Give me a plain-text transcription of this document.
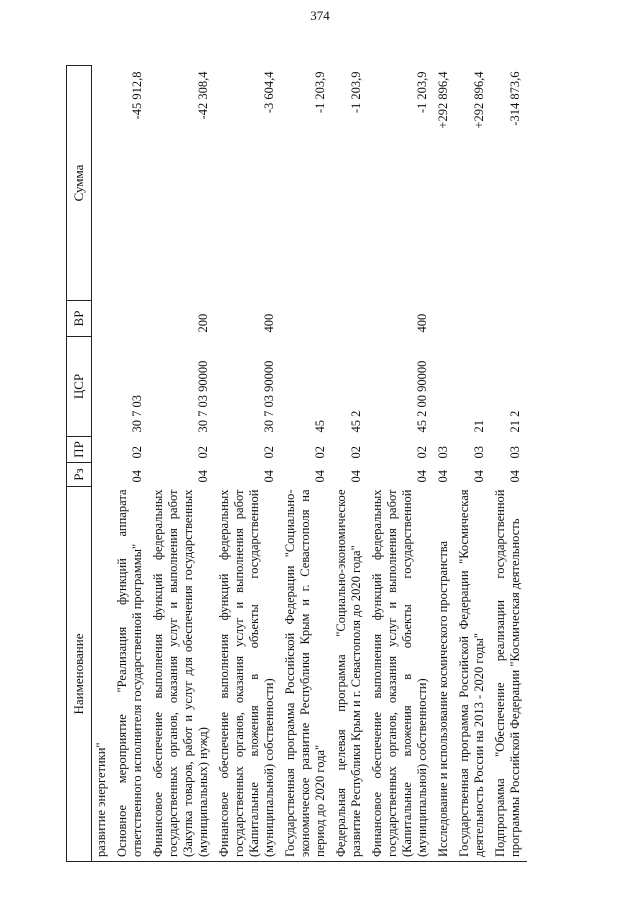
374
Наименование	Рз	ПР	ЦСР	ВР	Сумма
развитие энергетики"					
Основное мероприятие "Реализация функций аппарата ответственного исполнителя государственной программы"	04	02	30 7 03		-45 912,8
Финансовое обеспечение выполнения функций федеральных государственных органов, оказания услуг и выполнения работ (Закупка товаров, работ и услуг для обеспечения государственных (муниципальных) нужд)	04	02	30 7 03 90000	200	-42 308,4
Финансовое обеспечение выполнения функций федеральных государственных органов, оказания услуг и выполнения работ (Капитальные вложения в объекты государственной (муниципальной) собственности)	04	02	30 7 03 90000	400	-3 604,4
Государственная программа Российской Федерации "Социально-экономическое развитие Республики Крым и г. Севастополя на период до 2020 года"	04	02	45		-1 203,9
Федеральная целевая программа "Социально-экономическое развитие Республики Крым и г. Севастополя до 2020 года"	04	02	45 2		-1 203,9
Финансовое обеспечение выполнения функций федеральных государственных органов, оказания услуг и выполнения работ (Капитальные вложения в объекты государственной (муниципальной) собственности)	04	02	45 2 00 90000	400	-1 203,9
Исследование и использование космического пространства	04	03			+292 896,4
Государственная программа Российской Федерации "Космическая деятельность России на 2013 - 2020 годы"	04	03	21		+292 896,4
Подпрограмма "Обеспечение реализации государственной программы Российской Федерации "Космическая деятельность	04	03	21 2		-314 873,6
